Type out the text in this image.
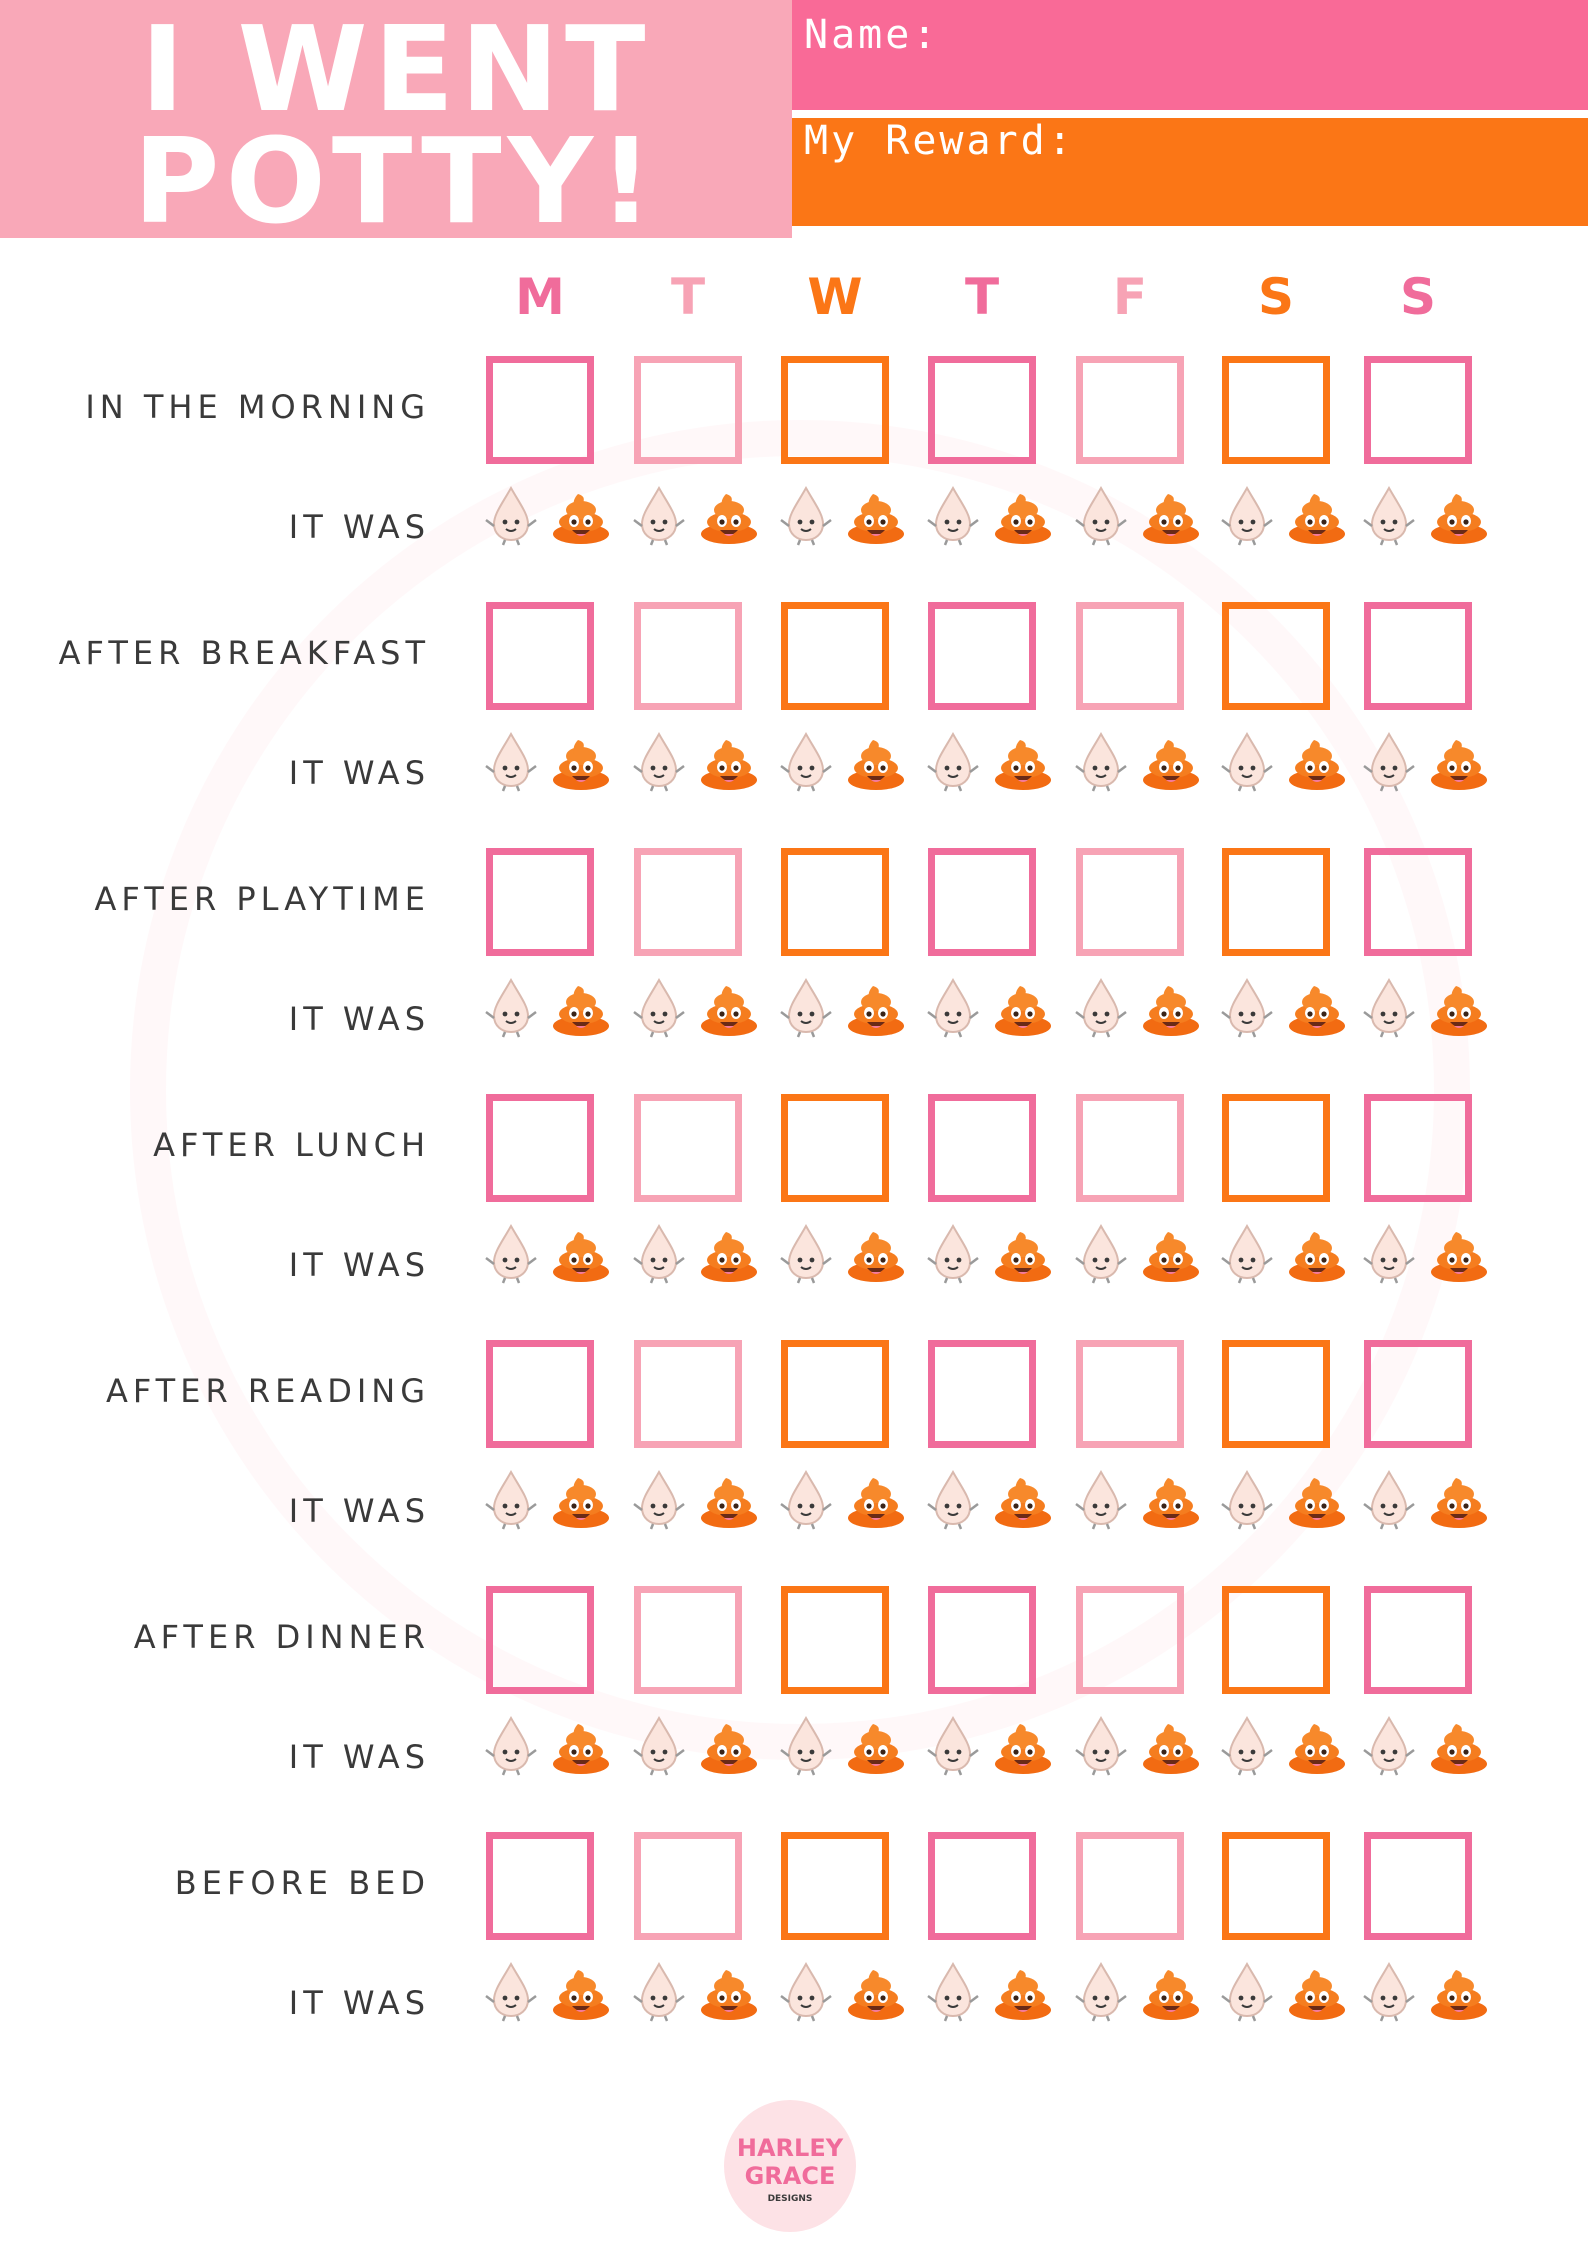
I WENT
POTTY!
Name:
My Reward:
M	T	W	T	F	S	S
IN THE MORNING
IT WAS
AFTER BREAKFAST
IT WAS
AFTER PLAYTIME
IT WAS
AFTER LUNCH
IT WAS
AFTER READING
IT WAS
AFTER DINNER
IT WAS
BEFORE BED
IT WAS
HARLEY
GRACE
DESIGNS
